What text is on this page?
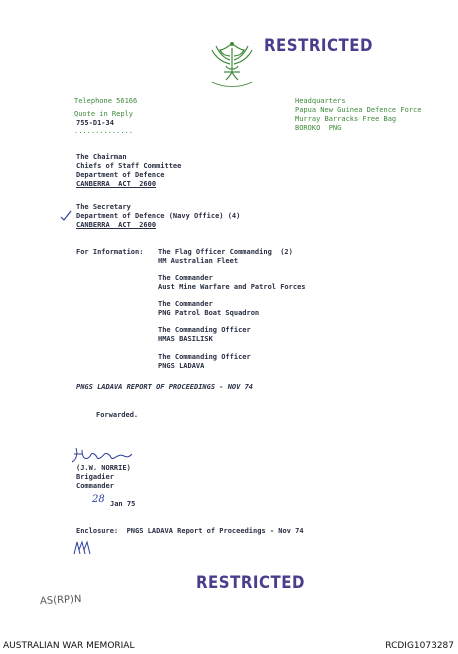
RESTRICTED
Telephone 56166
Quote in Reply
755-D1-34
..............
Headquarters
Papua New Guinea Defence Force
Murray Barracks Free Bag
BOROKO  PNG
The Chairman
Chiefs of Staff Committee
Department of Defence
CANBERRA  ACT  2600
The Secretary
Department of Defence (Navy Office) (4)
CANBERRA  ACT  2600
For Information: The Flag Officer Commanding  (2)
HM Australian Fleet
The Commander
Aust Mine Warfare and Patrol Forces
The Commander
PNG Patrol Boat Squadron
The Commanding Officer
HMAS BASILISK
The Commanding Officer
PNGS LADAVA
PNGS LADAVA REPORT OF PROCEEDINGS - NOV 74
Forwarded.
(J.W. NORRIE)
Brigadier
Commander
28 Jan 75
Enclosure:  PNGS LADAVA Report of Proceedings - Nov 74
RESTRICTED
AS(RP)N
AUSTRALIAN WAR MEMORIAL	RCDIG1073287
